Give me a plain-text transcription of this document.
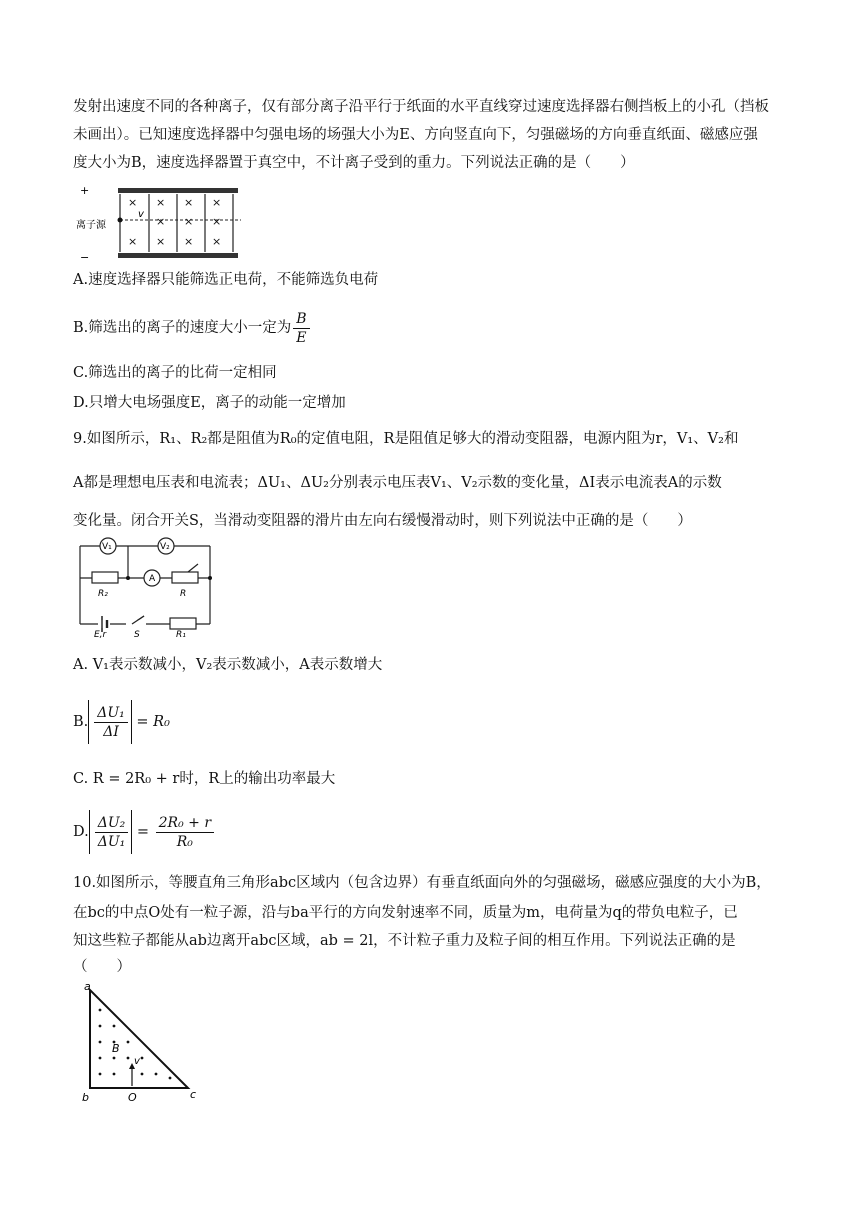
发射出速度不同的各种离子，仅有部分离子沿平行于纸面的水平直线穿过速度选择器右侧挡板上的小孔（挡板
未画出）。已知速度选择器中匀强电场的场强大小为E、方向竖直向下，匀强磁场的方向垂直纸面、磁感应强
度大小为B，速度选择器置于真空中，不计离子受到的重力。下列说法正确的是（　　）
+
−
离子源
v
× × × ×
× × ×
× × × ×
A.速度选择器只能筛选正电荷，不能筛选负电荷
B.筛选出的离子的速度大小一定为 $\frac{B}{E}$
C.筛选出的离子的比荷一定相同
D.只增大电场强度E，离子的动能一定增加
9.如图所示，R₁、R₂都是阻值为R₀的定值电阻，R是阻值足够大的滑动变阻器，电源内阻为r，V₁、V₂和
A都是理想电压表和电流表；ΔU₁、ΔU₂分别表示电压表V₁、V₂示数的变化量，ΔI表示电流表A的示数
变化量。闭合开关S，当滑动变阻器的滑片由左向右缓慢滑动时，则下列说法中正确的是（　　）
V₁	V₂
A
R₂	R
E,r	S	R₁
A. V₁表示数减小，V₂表示数减小，A表示数增大
B. $\frac{\text{ΔU₁}}{\Delta I} = R_0$
C. R = 2R₀ + r时，R上的输出功率最大
D. $\frac{\text{ΔU₂}}{\text{ΔU₁}} = \frac{\text{2R₀ + r}}{\text{R₀}}$
10.如图所示，等腰直角三角形abc区域内（包含边界）有垂直纸面向外的匀强磁场，磁感应强度的大小为B，
在bc的中点O处有一粒子源，沿与ba平行的方向发射速率不同，质量为m，电荷量为q的带负电粒子，已
知这些粒子都能从ab边离开abc区域，ab = 2l，不计粒子重力及粒子间的相互作用。下列说法正确的是
（　　）
a
b	c
O
B
v
